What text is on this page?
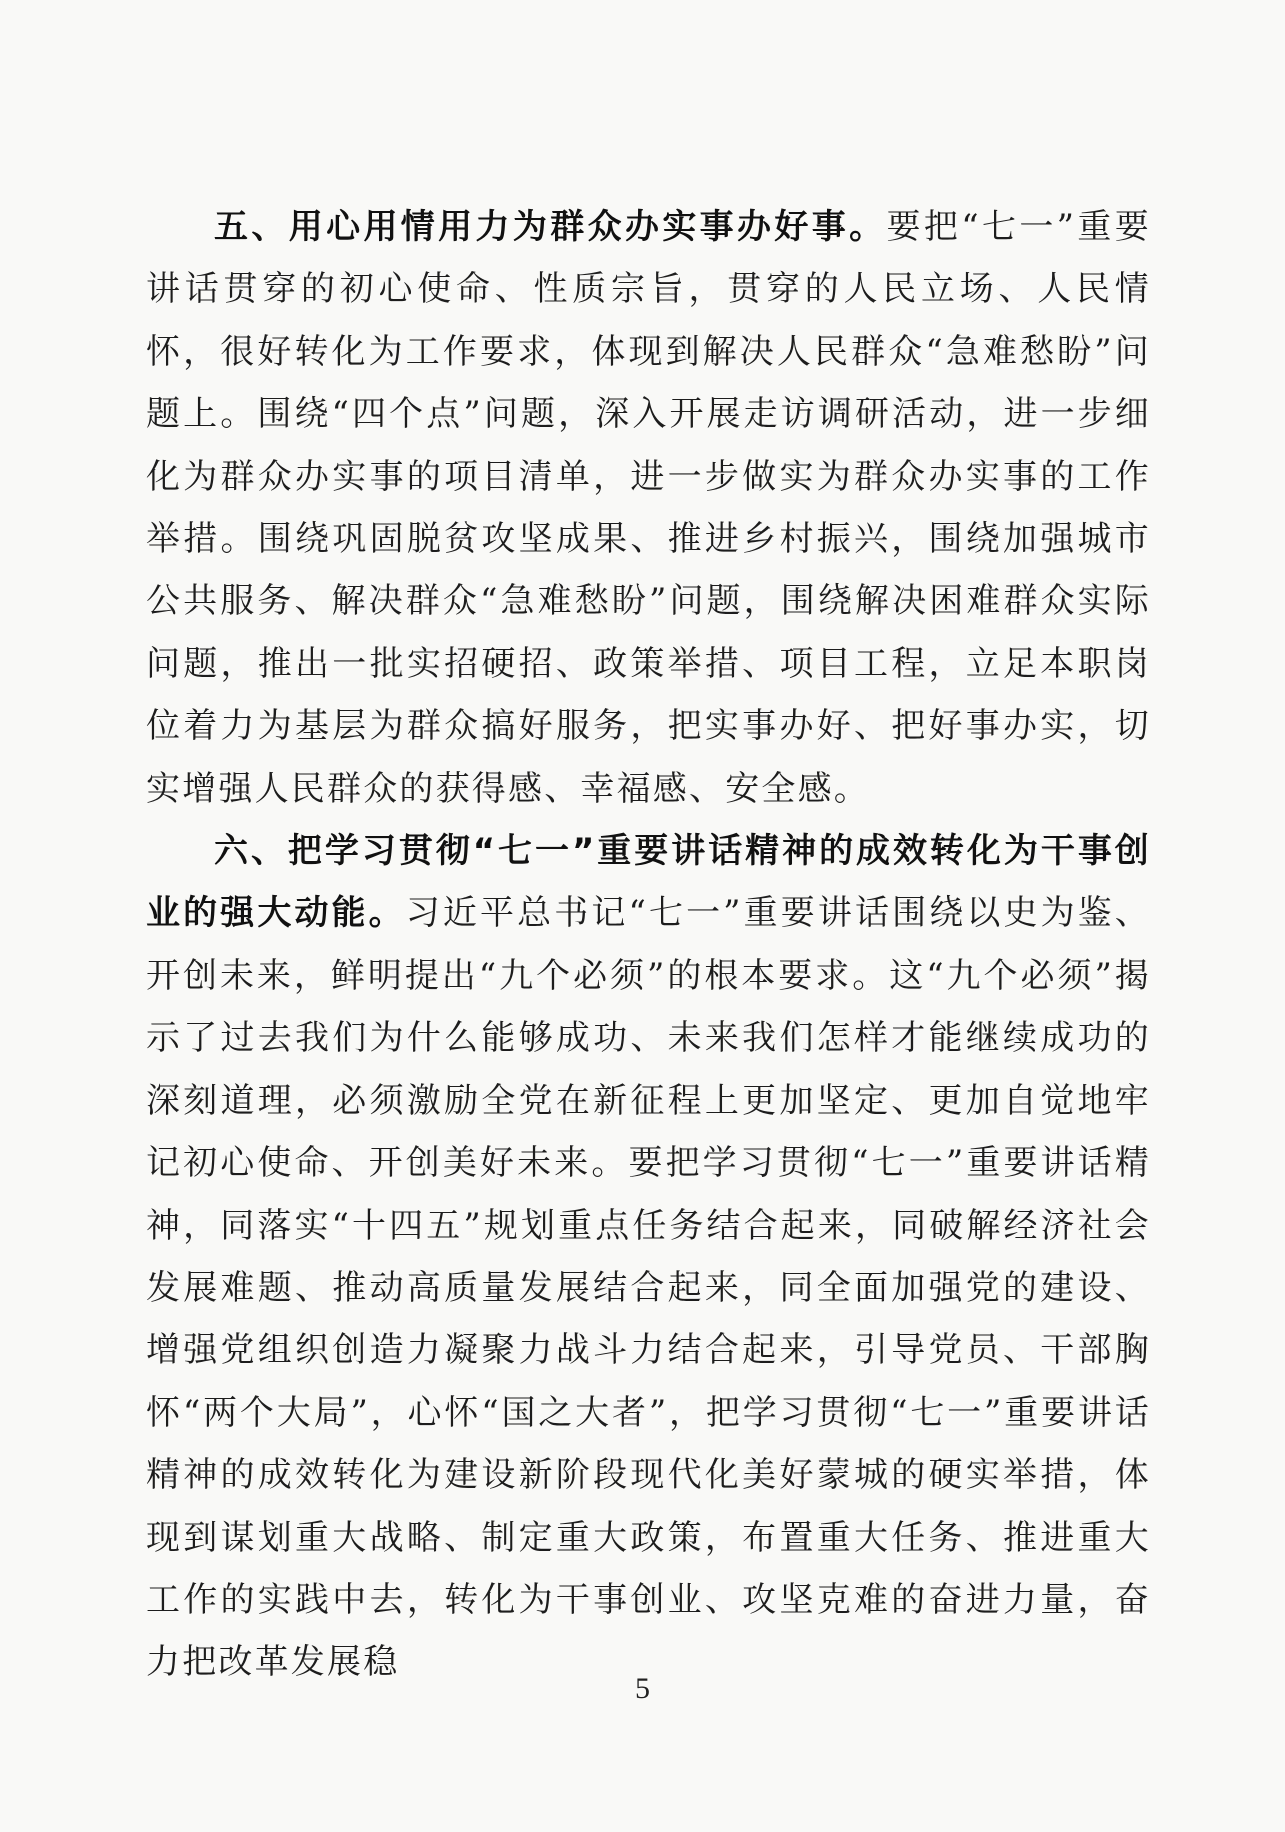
五、用心用情用力为群众办实事办好事。要把“七一”重要讲话贯穿的初心使命、性质宗旨，贯穿的人民立场、人民情怀，很好转化为工作要求，体现到解决人民群众“急难愁盼”问题上。围绕“四个点”问题，深入开展走访调研活动，进一步细化为群众办实事的项目清单，进一步做实为群众办实事的工作举措。围绕巩固脱贫攻坚成果、推进乡村振兴，围绕加强城市公共服务、解决群众“急难愁盼”问题，围绕解决困难群众实际问题，推出一批实招硬招、政策举措、项目工程，立足本职岗位着力为基层为群众搞好服务，把实事办好、把好事办实，切实增强人民群众的获得感、幸福感、安全感。

六、把学习贯彻“七一”重要讲话精神的成效转化为干事创业的强大动能。习近平总书记“七一”重要讲话围绕以史为鉴、开创未来，鲜明提出“九个必须”的根本要求。这“九个必须”揭示了过去我们为什么能够成功、未来我们怎样才能继续成功的深刻道理，必须激励全党在新征程上更加坚定、更加自觉地牢记初心使命、开创美好未来。要把学习贯彻“七一”重要讲话精神，同落实“十四五”规划重点任务结合起来，同破解经济社会发展难题、推动高质量发展结合起来，同全面加强党的建设、增强党组织创造力凝聚力战斗力结合起来，引导党员、干部胸怀“两个大局”，心怀“国之大者”，把学习贯彻“七一”重要讲话精神的成效转化为建设新阶段现代化美好蒙城的硬实举措，体现到谋划重大战略、制定重大政策，布置重大任务、推进重大工作的实践中去，转化为干事创业、攻坚克难的奋进力量，奋力把改革发展稳

5
